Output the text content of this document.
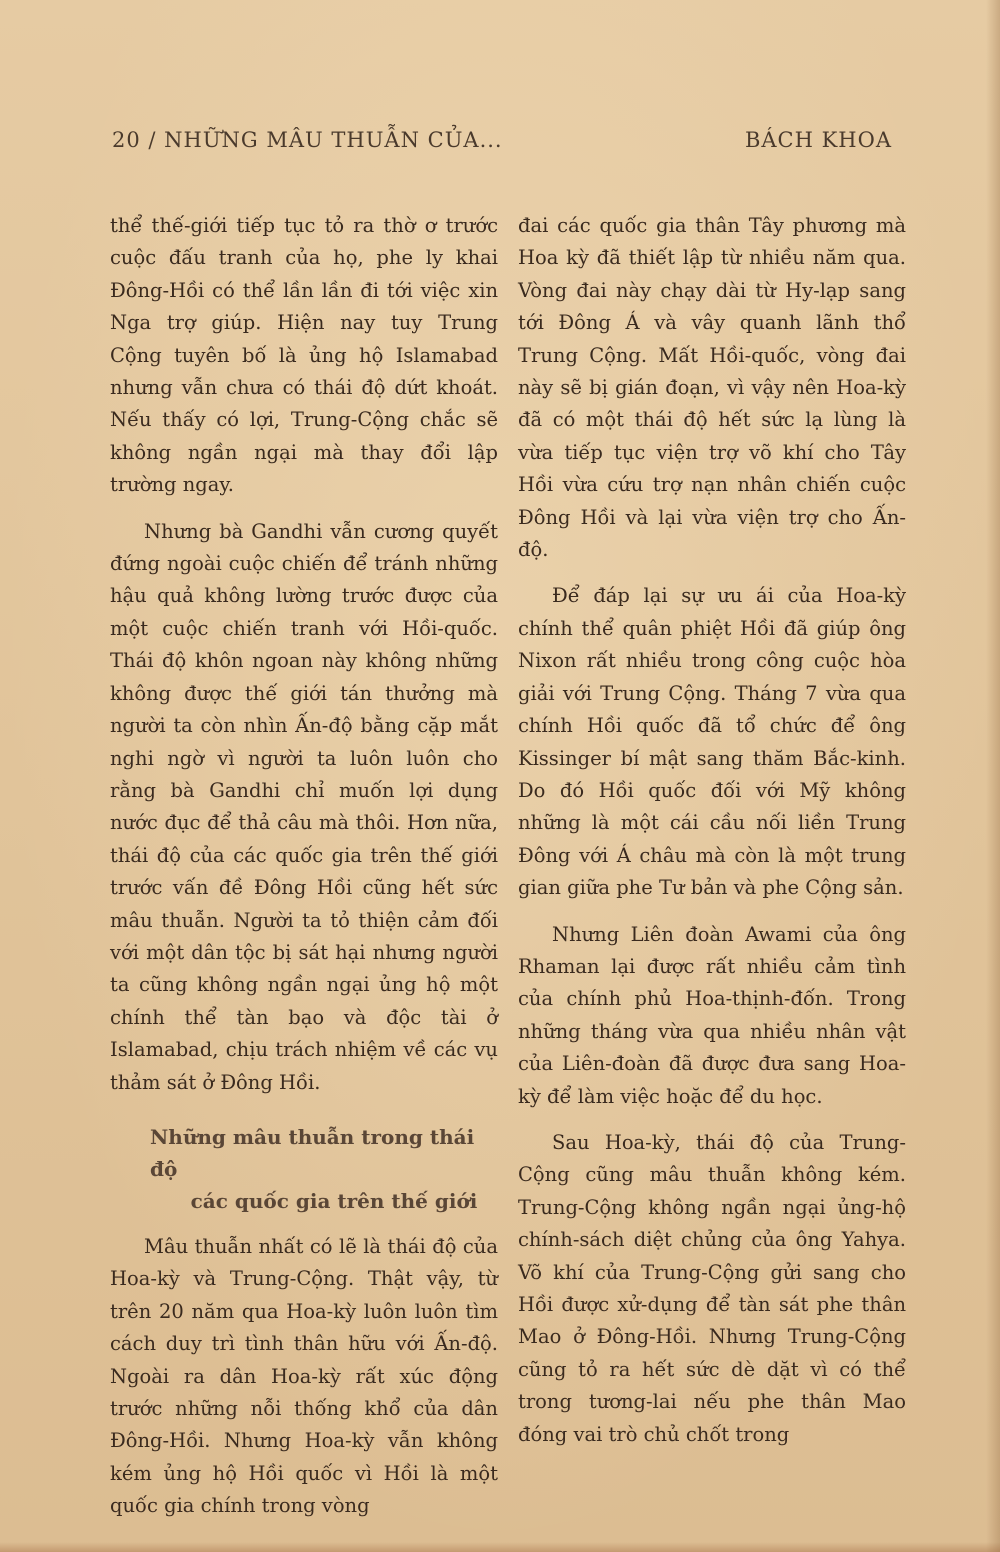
20 / NHỮNG MÂU THUẪN CỦA...	BÁCH KHOA

thể thế-giới tiếp tục tỏ ra thờ ơ trước cuộc đấu tranh của họ, phe ly khai Đông-Hồi có thể lần lần đi tới việc xin Nga trợ giúp. Hiện nay tuy Trung Cộng tuyên bố là ủng hộ Islamabad nhưng vẫn chưa có thái độ dứt khoát. Nếu thấy có lợi, Trung-Cộng chắc sẽ không ngần ngại mà thay đổi lập trường ngay.

Nhưng bà Gandhi vẫn cương quyết đứng ngoài cuộc chiến để tránh những hậu quả không lường trước được của một cuộc chiến tranh với Hồi-quốc. Thái độ khôn ngoan này không những không được thế giới tán thưởng mà người ta còn nhìn Ấn-độ bằng cặp mắt nghi ngờ vì người ta luôn luôn cho rằng bà Gandhi chỉ muốn lợi dụng nước đục để thả câu mà thôi. Hơn nữa, thái độ của các quốc gia trên thế giới trước vấn đề Đông Hồi cũng hết sức mâu thuẫn. Người ta tỏ thiện cảm đối với một dân tộc bị sát hại nhưng người ta cũng không ngần ngại ủng hộ một chính thể tàn bạo và độc tài ở Islamabad, chịu trách nhiệm về các vụ thảm sát ở Đông Hồi.

Những mâu thuẫn trong thái độ
các quốc gia trên thế giới

Mâu thuẫn nhất có lẽ là thái độ của Hoa-kỳ và Trung-Cộng. Thật vậy, từ trên 20 năm qua Hoa-kỳ luôn luôn tìm cách duy trì tình thân hữu với Ấn-độ. Ngoài ra dân Hoa-kỳ rất xúc động trước những nỗi thống khổ của dân Đông-Hồi. Nhưng Hoa-kỳ vẫn không kém ủng hộ Hồi quốc vì Hồi là một quốc gia chính trong vòng

đai các quốc gia thân Tây phương mà Hoa kỳ đã thiết lập từ nhiều năm qua. Vòng đai này chạy dài từ Hy-lạp sang tới Đông Á và vây quanh lãnh thổ Trung Cộng. Mất Hồi-quốc, vòng đai này sẽ bị gián đoạn, vì vậy nên Hoa-kỳ đã có một thái độ hết sức lạ lùng là vừa tiếp tục viện trợ võ khí cho Tây Hồi vừa cứu trợ nạn nhân chiến cuộc Đông Hồi và lại vừa viện trợ cho Ấn-độ.

Để đáp lại sự ưu ái của Hoa-kỳ chính thể quân phiệt Hồi đã giúp ông Nixon rất nhiều trong công cuộc hòa giải với Trung Cộng. Tháng 7 vừa qua chính Hồi quốc đã tổ chức để ông Kissinger bí mật sang thăm Bắc-kinh. Do đó Hồi quốc đối với Mỹ không những là một cái cầu nối liền Trung Đông với Á châu mà còn là một trung gian giữa phe Tư bản và phe Cộng sản.

Nhưng Liên đoàn Awami của ông Rhaman lại được rất nhiều cảm tình của chính phủ Hoa-thịnh-đốn. Trong những tháng vừa qua nhiều nhân vật của Liên-đoàn đã được đưa sang Hoa-kỳ để làm việc hoặc để du học.

Sau Hoa-kỳ, thái độ của Trung-Cộng cũng mâu thuẫn không kém. Trung-Cộng không ngần ngại ủng-hộ chính-sách diệt chủng của ông Yahya. Võ khí của Trung-Cộng gửi sang cho Hồi được xử-dụng để tàn sát phe thân Mao ở Đông-Hồi. Nhưng Trung-Cộng cũng tỏ ra hết sức dè dặt vì có thể trong tương-lai nếu phe thân Mao đóng vai trò chủ chốt trong
